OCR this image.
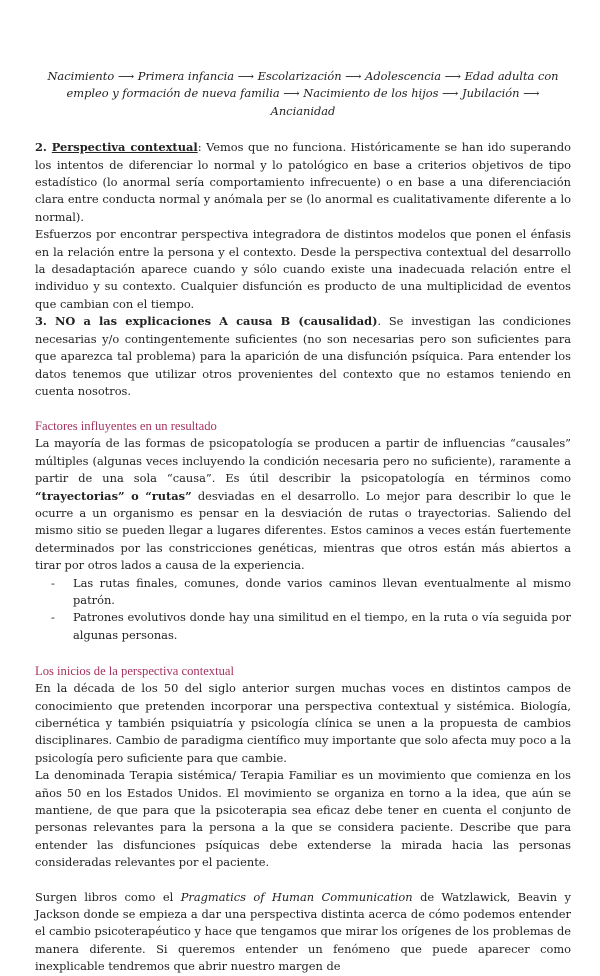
Nacimiento ⟶ Primera infancia ⟶ Escolarización ⟶ Adolescencia ⟶ Edad adulta con empleo y formación de nueva familia ⟶ Nacimiento de los hijos ⟶ Jubilación ⟶ Ancianidad

2. Perspectiva contextual: Vemos que no funciona. Históricamente se han ido superando los intentos de diferenciar lo normal y lo patológico en base a criterios objetivos de tipo estadístico (lo anormal sería comportamiento infrecuente) o en base a una diferenciación clara entre conducta normal y anómala per se (lo anormal es cualitativamente diferente a lo normal).

Esfuerzos por encontrar perspectiva integradora de distintos modelos que ponen el énfasis en la relación entre la persona y el contexto. Desde la perspectiva contextual del desarrollo la desadaptación aparece cuando y sólo cuando existe una inadecuada relación entre el individuo y su contexto. Cualquier disfunción es producto de una multiplicidad de eventos que cambian con el tiempo.

3. NO a las explicaciones A causa B (causalidad). Se investigan las condiciones necesarias y/o contingentemente suficientes (no son necesarias pero son suficientes para que aparezca tal problema) para la aparición de una disfunción psíquica. Para entender los datos tenemos que utilizar otros provenientes del contexto que no estamos teniendo en cuenta nosotros.

Factores influyentes en un resultado

La mayoría de las formas de psicopatología se producen a partir de influencias “causales” múltiples (algunas veces incluyendo la condición necesaria pero no suficiente), raramente a partir de una sola “causa”. Es útil describir la psicopatología en términos como “trayectorias” o “rutas” desviadas en el desarrollo. Lo mejor para describir lo que le ocurre a un organismo es pensar en la desviación de rutas o trayectorias. Saliendo del mismo sitio se pueden llegar a lugares diferentes. Estos caminos a veces están fuertemente determinados por las constricciones genéticas, mientras que otros están más abiertos a tirar por otros lados a causa de la experiencia.

- Las rutas finales, comunes, donde varios caminos llevan eventualmente al mismo patrón.
- Patrones evolutivos donde hay una similitud en el tiempo, en la ruta o vía seguida por algunas personas.
Los inicios de la perspectiva contextual

En la década de los 50 del siglo anterior surgen muchas voces en distintos campos de conocimiento que pretenden incorporar una perspectiva contextual y sistémica. Biología, cibernética y también psiquiatría y psicología clínica se unen a la propuesta de cambios disciplinares. Cambio de paradigma científico muy importante que solo afecta muy poco a la psicología pero suficiente para que cambie.

La denominada Terapia sistémica/ Terapia Familiar es un movimiento que comienza en los años 50 en los Estados Unidos. El movimiento se organiza en torno a la idea, que aún se mantiene, de que para que la psicoterapia sea eficaz debe tener en cuenta el conjunto de personas relevantes para la persona a la que se considera paciente. Describe que para entender las disfunciones psíquicas debe extenderse la mirada hacia las personas consideradas relevantes por el paciente.

Surgen libros como el Pragmatics of Human Communication de Watzlawick, Beavin y Jackson donde se empieza a dar una perspectiva distinta acerca de cómo podemos entender el cambio psicoterapéutico y hace que tengamos que mirar los orígenes de los problemas de manera diferente. Si queremos entender un fenómeno que puede aparecer como inexplicable tendremos que abrir nuestro margen de
